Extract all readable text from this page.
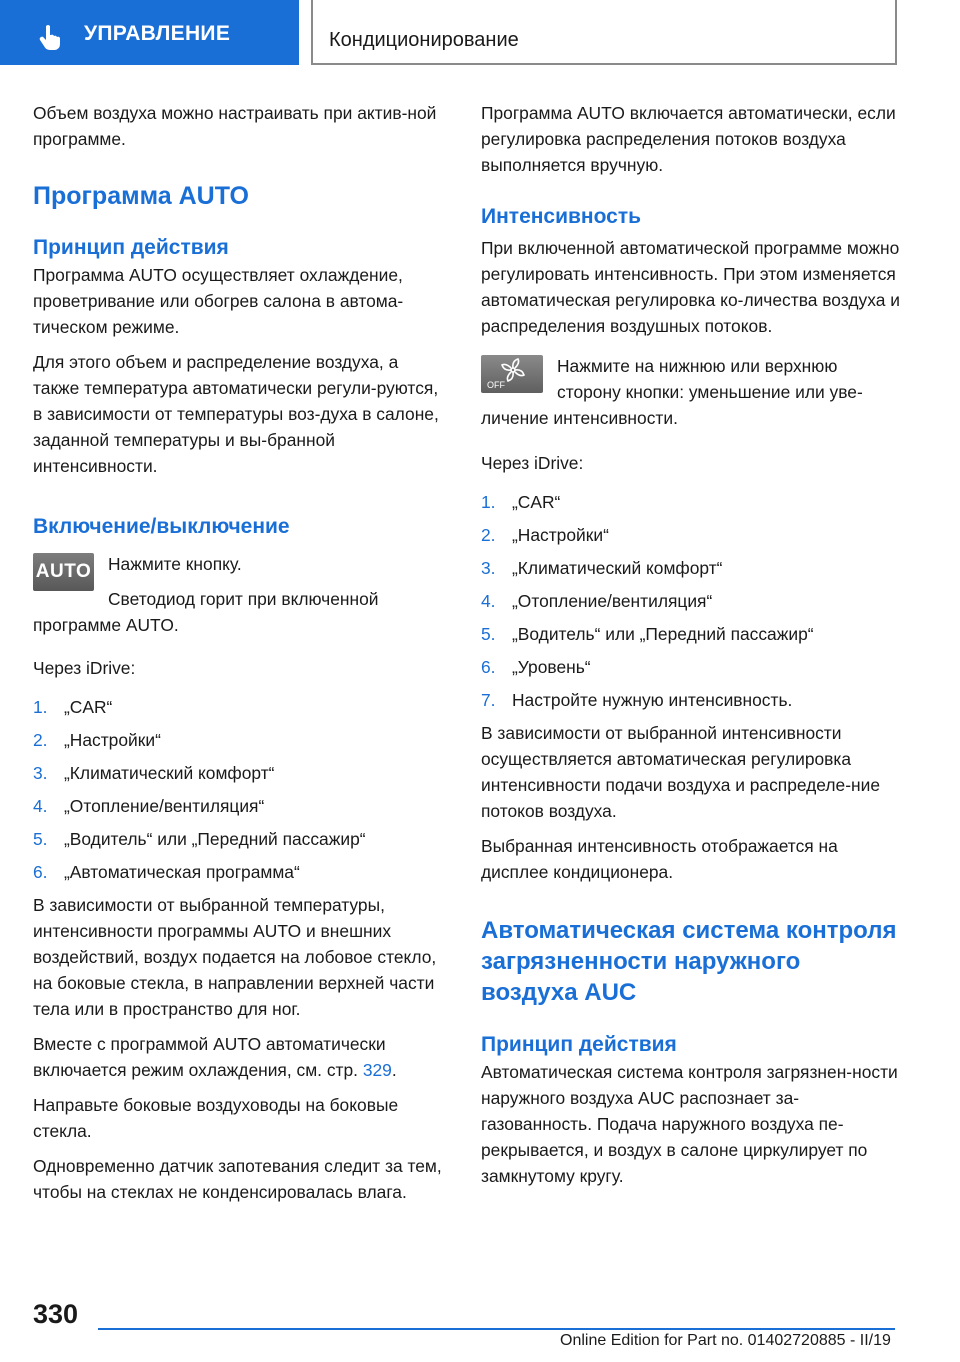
УПРАВЛЕНИЕ	Кондиционирование

Объем воздуха можно настраивать при актив-ной программе.

Программа AUTO
Принцип действия

Программа AUTO осуществляет охлаждение, проветривание или обогрев салона в автома-тическом режиме.

Для этого объем и распределение воздуха, а также температура автоматически регули-руются, в зависимости от температуры воз-духа в салоне, заданной температуры и вы-бранной интенсивности.

Включение/выключение
AUTO Нажмите кнопку.

Светодиод горит при включенной программе AUTO.

Через iDrive:

1. „CAR“
2. „Настройки“
3. „Климатический комфорт“
4. „Отопление/вентиляция“
5. „Водитель“ или „Передний пассажир“
6. „Автоматическая программа“

В зависимости от выбранной температуры, интенсивности программы AUTO и внешних воздействий, воздух подается на лобовое стекло, на боковые стекла, в направлении верхней части тела или в пространство для ног.

Вместе с программой AUTO автоматически включается режим охлаждения, см. стр. 329.

Направьте боковые воздуховоды на боковые стекла.

Одновременно датчик запотевания следит за тем, чтобы на стеклах не конденсировалась влага.

Программа AUTO включается автоматически, если регулировка распределения потоков воздуха выполняется вручную.

Интенсивность

При включенной автоматической программе можно регулировать интенсивность. При этом изменяется автоматическая регулировка ко-личества воздуха и распределения воздушных потоков.

OFF

Нажмите на нижнюю или верхнюю сторону кнопки: уменьшение или уве-личение интенсивности.

Через iDrive:

1. „CAR“
2. „Настройки“
3. „Климатический комфорт“
4. „Отопление/вентиляция“
5. „Водитель“ или „Передний пассажир“
6. „Уровень“
7. Настройте нужную интенсивность.

В зависимости от выбранной интенсивности осуществляется автоматическая регулировка интенсивности подачи воздуха и распределе-ние потоков воздуха.

Выбранная интенсивность отображается на дисплее кондиционера.

Автоматическая система контроля загрязненности наружного воздуха AUC
Принцип действия

Автоматическая система контроля загрязнен-ности наружного воздуха AUC распознает за-газованность. Подача наружного воздуха пе-рекрывается, и воздух в салоне циркулирует по замкнутому кругу.

330
Online Edition for Part no. 01402720885 - II/19
